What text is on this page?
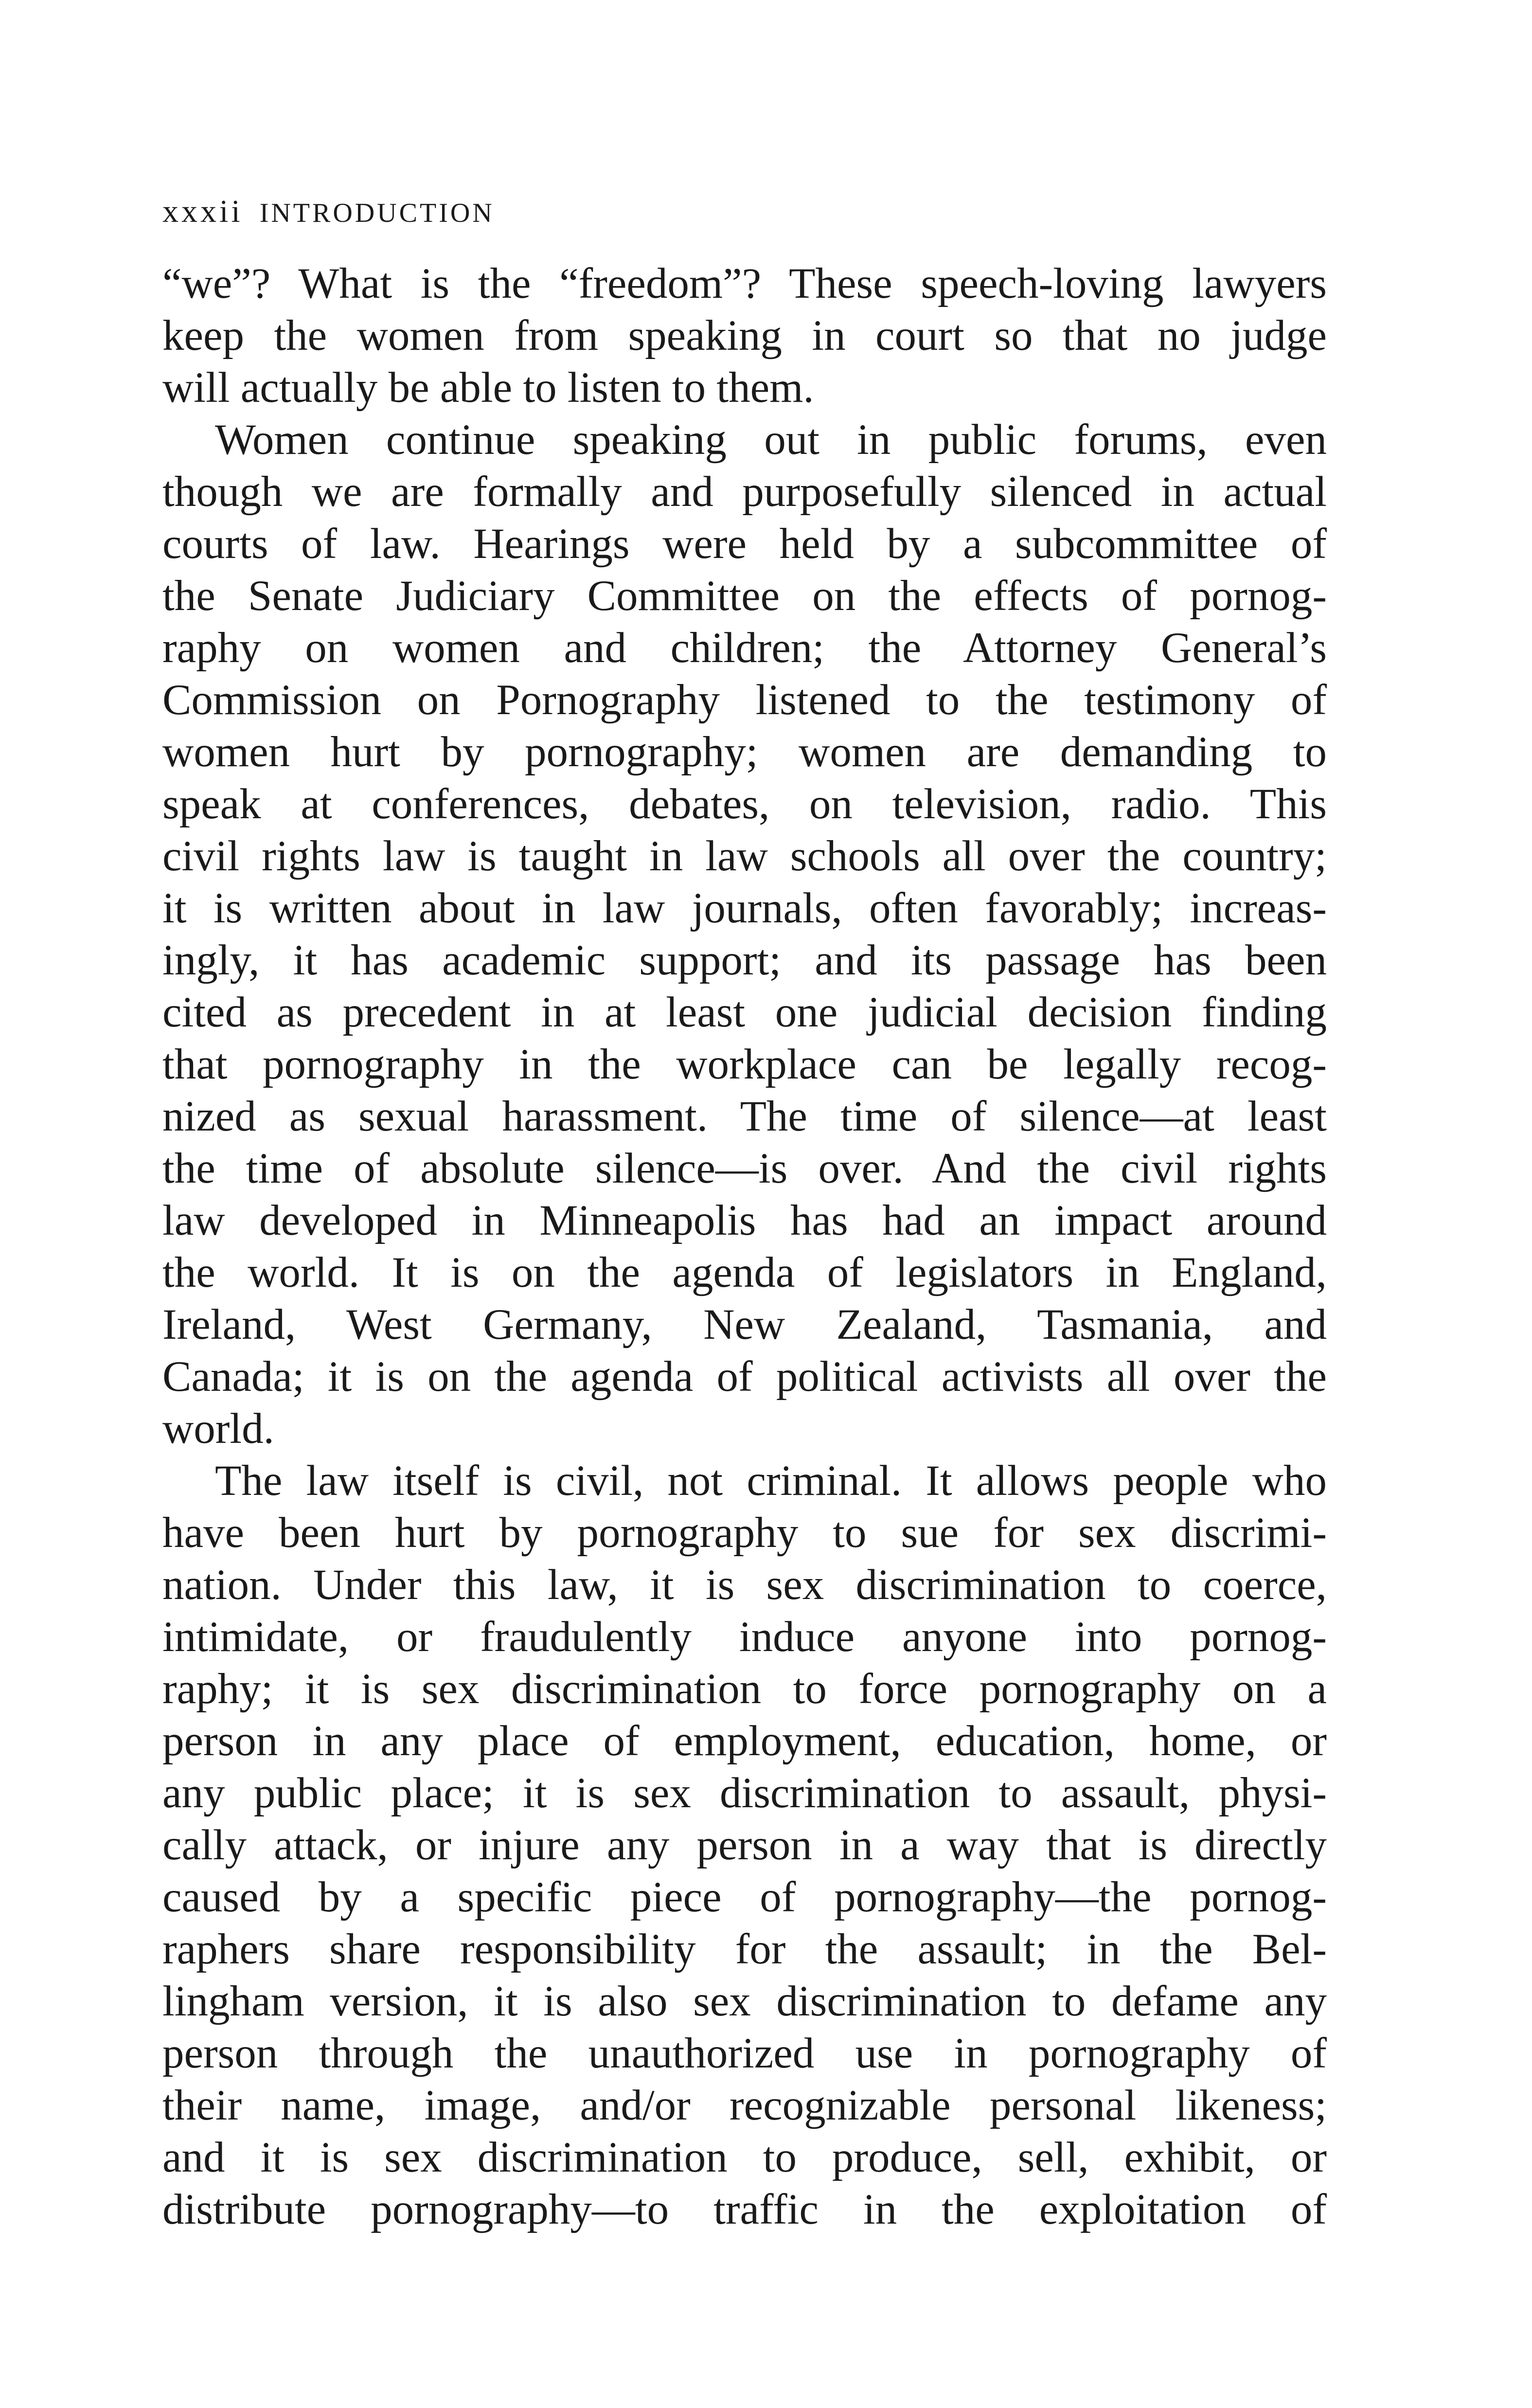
xxxii INTRODUCTION
“we”? What is the “freedom”? These speech-loving lawyers
keep the women from speaking in court so that no judge
will actually be able to listen to them.
Women continue speaking out in public forums, even
though we are formally and purposefully silenced in actual
courts of law. Hearings were held by a subcommittee of
the Senate Judiciary Committee on the effects of pornog-
raphy on women and children; the Attorney General’s
Commission on Pornography listened to the testimony of
women hurt by pornography; women are demanding to
speak at conferences, debates, on television, radio. This
civil rights law is taught in law schools all over the country;
it is written about in law journals, often favorably; increas-
ingly, it has academic support; and its passage has been
cited as precedent in at least one judicial decision finding
that pornography in the workplace can be legally recog-
nized as sexual harassment. The time of silence—at least
the time of absolute silence—is over. And the civil rights
law developed in Minneapolis has had an impact around
the world. It is on the agenda of legislators in England,
Ireland, West Germany, New Zealand, Tasmania, and
Canada; it is on the agenda of political activists all over the
world.
The law itself is civil, not criminal. It allows people who
have been hurt by pornography to sue for sex discrimi-
nation. Under this law, it is sex discrimination to coerce,
intimidate, or fraudulently induce anyone into pornog-
raphy; it is sex discrimination to force pornography on a
person in any place of employment, education, home, or
any public place; it is sex discrimination to assault, physi-
cally attack, or injure any person in a way that is directly
caused by a specific piece of pornography—the pornog-
raphers share responsibility for the assault; in the Bel-
lingham version, it is also sex discrimination to defame any
person through the unauthorized use in pornography of
their name, image, and/or recognizable personal likeness;
and it is sex discrimination to produce, sell, exhibit, or
distribute pornography—to traffic in the exploitation of
